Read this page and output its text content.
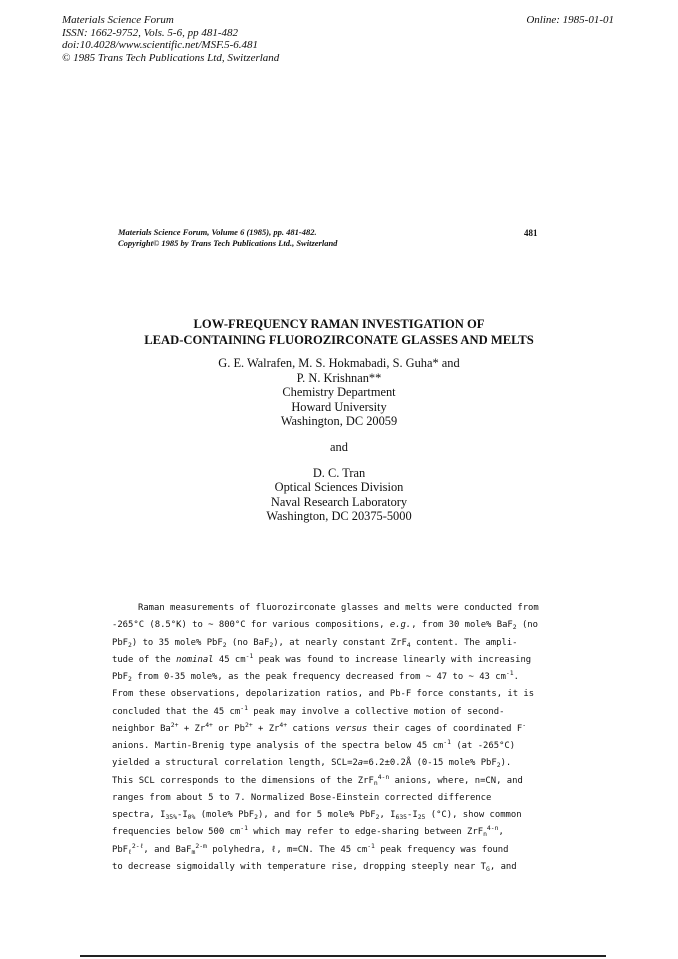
Materials Science Forum
ISSN: 1662-9752, Vols. 5-6, pp 481-482
doi:10.4028/www.scientific.net/MSF.5-6.481
© 1985 Trans Tech Publications Ltd, Switzerland
Online: 1985-01-01
Materials Science Forum, Volume 6 (1985), pp. 481-482.
Copyright© 1985 by Trans Tech Publications Ltd., Switzerland
481
LOW-FREQUENCY RAMAN INVESTIGATION OF
LEAD-CONTAINING FLUOROZIRCONATE GLASSES AND MELTS
G. E. Walrafen, M. S. Hokmabadi, S. Guha* and
P. N. Krishnan**
Chemistry Department
Howard University
Washington, DC 20059
and
D. C. Tran
Optical Sciences Division
Naval Research Laboratory
Washington, DC 20375-5000
Raman measurements of fluorozirconate glasses and melts were conducted from
-265°C (8.5°K) to ~ 800°C for various compositions, e.g., from 30 mole% BaF$_2$ (no
PbF$_2$) to 35 mole% PbF$_2$ (no BaF$_2$), at nearly constant ZrF$_4$ content. The ampli-
tude of the nominal 45 $cm^{-1}$ peak was found to increase linearly with increasing
PbF$_2$ from 0-35 mole%, as the peak frequency decreased from ~ 47 to ~ 43 $cm^{-1}$.
From these observations, depolarization ratios, and Pb-F force constants, it is
concluded that the 45 $cm^{-1}$ peak may involve a collective motion of second-
neighbor $Ba^{2+} + Zr^{4+}$ or $Pb^{2+} + Zr^{4+}$ cations versus their cages of coordinated F-
anions. Martin-Brenig type analysis of the spectra below 45 $cm^{-1}$ (at -265°C)
yielded a structural correlation length, SCL=2a=6.2±0.2Å (0-15 mole% PbF$_2$).
This SCL corresponds to the dimensions of the ZrF$_n^{4-n}$ anions, where, n=CN, and
ranges from about 5 to 7. Normalized Bose-Einstein corrected difference
spectra, $I_{35\%}-I_{0\%}$ (mole% PbF$_2$), and for 5 mole% PbF$_2$, $I_{635}-I_{25}$ (°C), show common
frequencies below 500 $cm^{-1}$ which may refer to edge-sharing between ZrF$_n^{4-n}$,
PbF$_\ell^{2-\ell}$, and BaF$_m^{2-m}$ polyhedra, ℓ, m=CN. The 45 $cm^{-1}$ peak frequency was found
to decrease sigmoidally with temperature rise, dropping steeply near $T_G$, and
